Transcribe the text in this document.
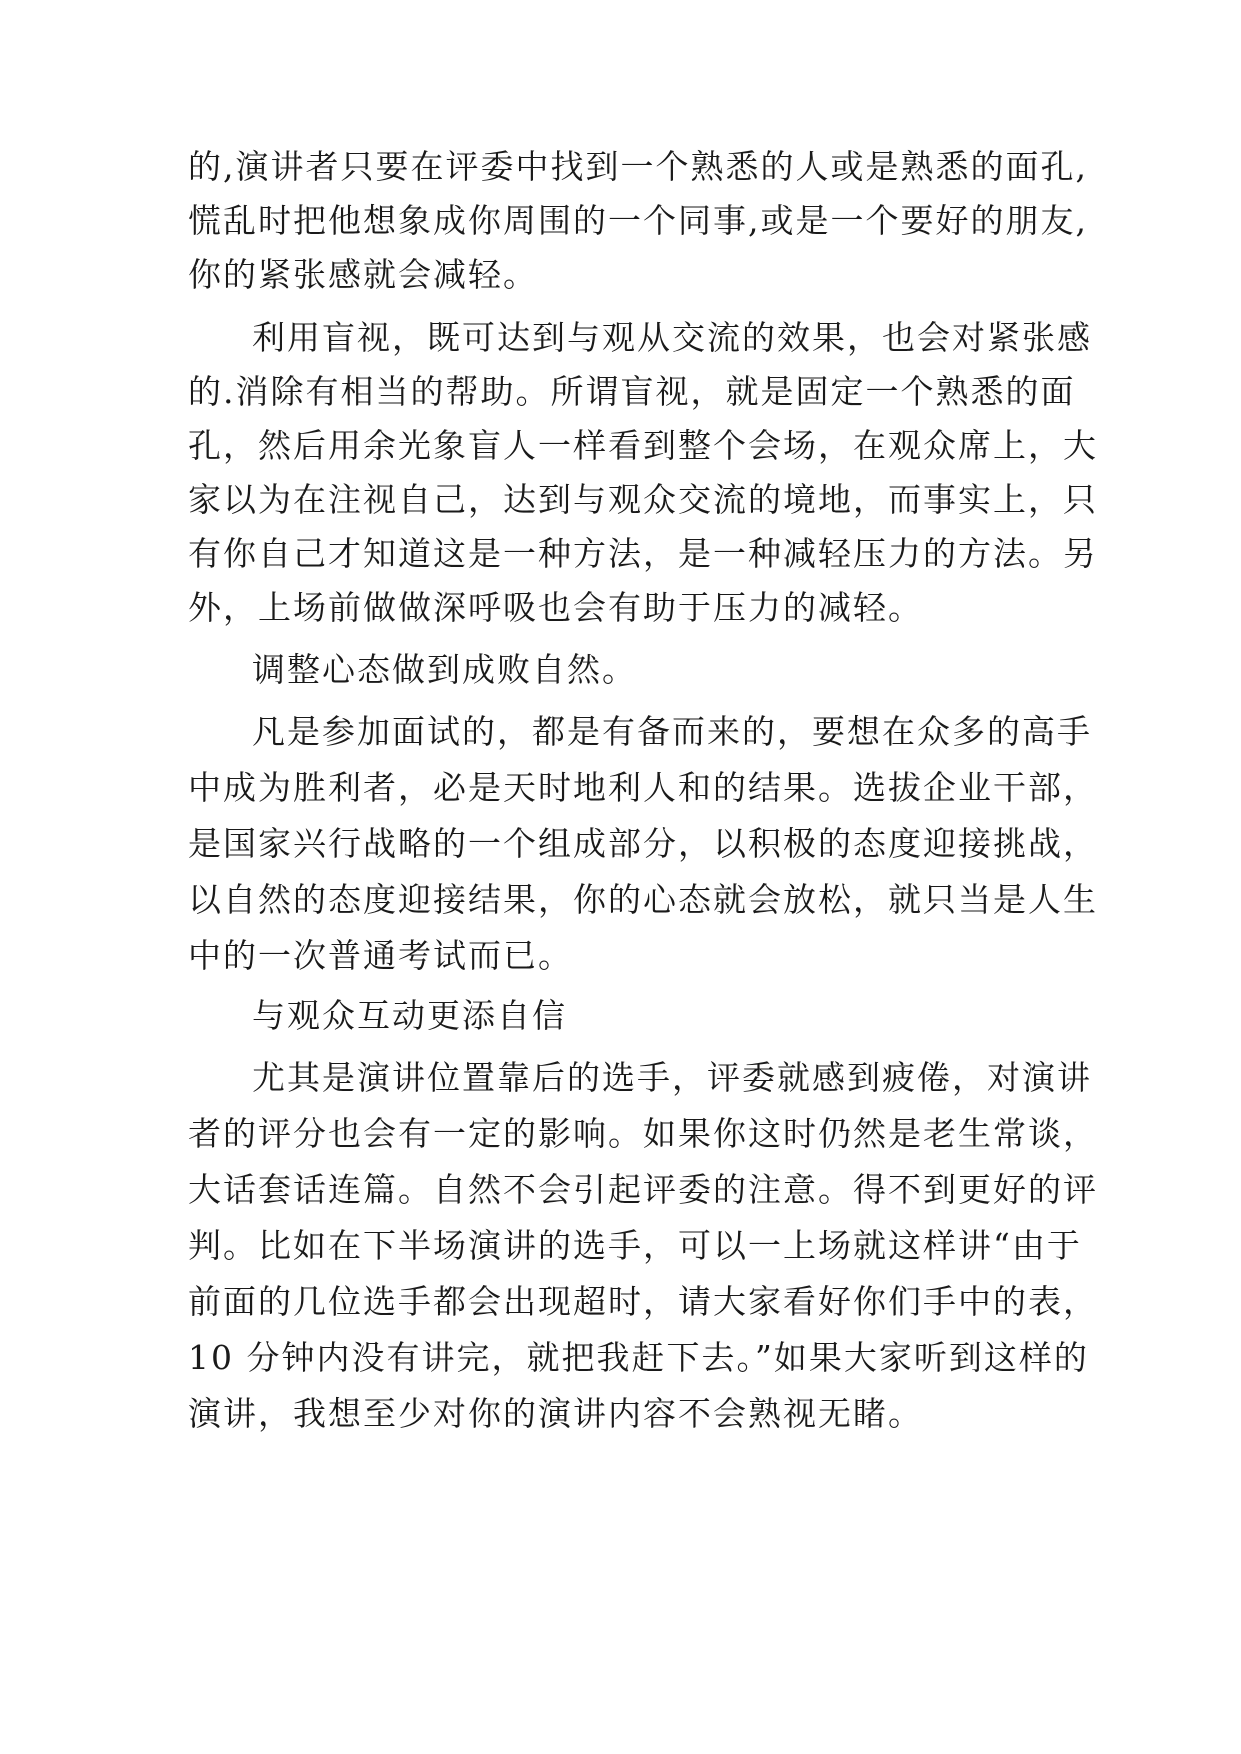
的,演讲者只要在评委中找到一个熟悉的人或是熟悉的面孔,
慌乱时把他想象成你周围的一个同事,或是一个要好的朋友,
你的紧张感就会减轻。
利用盲视，既可达到与观从交流的效果，也会对紧张感
的.消除有相当的帮助。所谓盲视，就是固定一个熟悉的面
孔，然后用余光象盲人一样看到整个会场，在观众席上，大
家以为在注视自己，达到与观众交流的境地，而事实上，只
有你自己才知道这是一种方法，是一种减轻压力的方法。另
外，上场前做做深呼吸也会有助于压力的减轻。
调整心态做到成败自然。
凡是参加面试的，都是有备而来的，要想在众多的高手
中成为胜利者，必是天时地利人和的结果。选拔企业干部，
是国家兴行战略的一个组成部分，以积极的态度迎接挑战，
以自然的态度迎接结果，你的心态就会放松，就只当是人生
中的一次普通考试而已。
与观众互动更添自信
尤其是演讲位置靠后的选手，评委就感到疲倦，对演讲
者的评分也会有一定的影响。如果你这时仍然是老生常谈，
大话套话连篇。自然不会引起评委的注意。得不到更好的评
判。比如在下半场演讲的选手，可以一上场就这样讲“由于
前面的几位选手都会出现超时，请大家看好你们手中的表，
10 分钟内没有讲完，就把我赶下去。”如果大家听到这样的
演讲，我想至少对你的演讲内容不会熟视无睹。
